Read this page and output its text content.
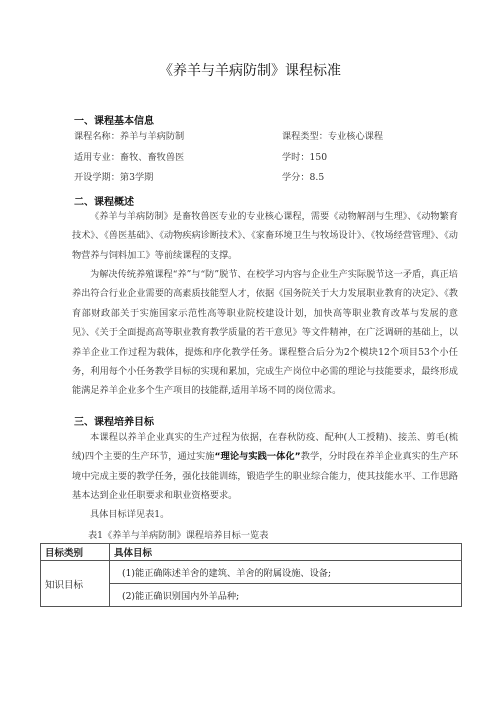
《养羊与羊病防制》课程标准
一、课程基本信息
课程名称：养羊与羊病防制	课程类型：专业核心课程
适用专业：畜牧、畜牧兽医	学时：150
开设学期：第3学期	学分：8.5
二、课程概述

《养羊与羊病防制》是畜牧兽医专业的专业核心课程，需要《动物解剖与生理》、《动物繁育技术》、《兽医基础》、《动物疾病诊断技术》、《家畜环境卫生与牧场设计》、《牧场经营管理》、《动物营养与饲料加工》等前续课程的支撑。

为解决传统养殖课程“养”与“防”脱节、在校学习内容与企业生产实际脱节这一矛盾，真正培养出符合行业企业需要的高素质技能型人才，依据《国务院关于大力发展职业教育的决定》、《教育部财政部关于实施国家示范性高等职业院校建设计划，加快高等职业教育改革与发展的意见》、《关于全面提高高等职业教育教学质量的若干意见》等文件精神，在广泛调研的基础上，以养羊企业工作过程为载体，提炼和序化教学任务。课程整合后分为2个模块12个项目53个小任务，利用每个小任务教学目标的实现和累加，完成生产岗位中必需的理论与技能要求，最终形成能满足养羊企业多个生产项目的技能群,适用羊场不同的岗位需求。

三、课程培养目标

本课程以养羊企业真实的生产过程为依据，在春秋防疫、配种(人工授精)、接羔、剪毛(梳绒)四个主要的生产环节，通过实施“理论与实践一体化”教学，分时段在养羊企业真实的生产环境中完成主要的教学任务，强化技能训练，锻造学生的职业综合能力，使其技能水平、工作思路基本达到企业任职要求和职业资格要求。

具体目标详见表1。

表1《养羊与羊病防制》课程培养目标一览表
目标类别	具体目标
知识目标	(1)能正确陈述羊舍的建筑、羊舍的附属设施、设备;
	(2)能正确识别国内外羊品种;
